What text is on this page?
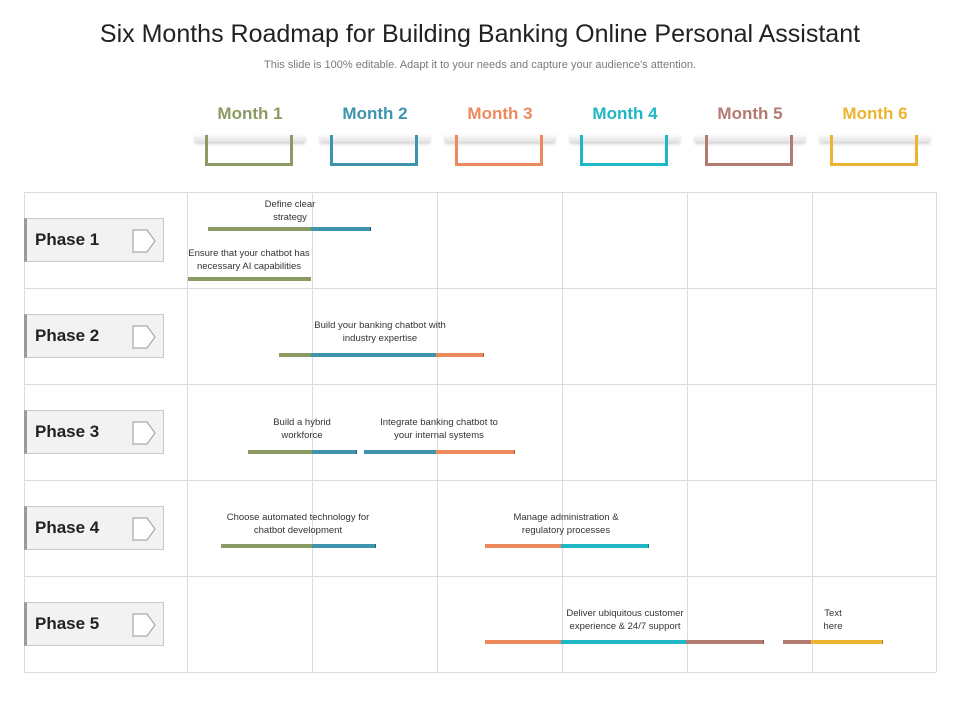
Six Months Roadmap for Building Banking Online Personal Assistant
This slide is 100% editable. Adapt it to your needs and capture your audience's attention.
Month 1	Month 2	Month 3	Month 4	Month 5	Month 6
Phase 1
Phase 2
Phase 3
Phase 4
Phase 5
Define clear
strategy
Ensure that your chatbot has
necessary AI capabilities
Build your banking chatbot with
industry expertise
Build a hybrid
workforce
Integrate banking chatbot to
your internal systems
Choose automated technology for
chatbot development
Manage administration &
regulatory processes
Deliver ubiquitous customer
experience & 24/7 support
Text
here
